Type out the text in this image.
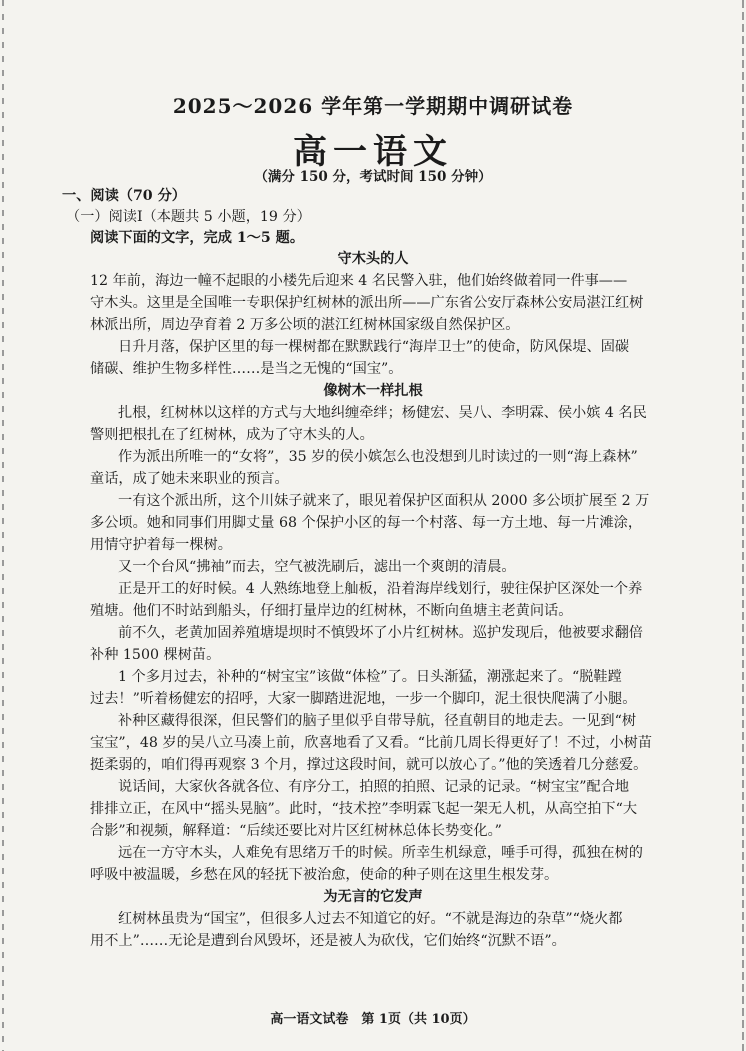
2025～2026 学年第一学期期中调研试卷
高一语文
（满分 150 分，考试时间 150 分钟）
一、阅读（70 分）
（一）阅读Ⅰ（本题共 5 小题，19 分）
阅读下面的文字，完成 1～5 题。
守木头的人
12 年前，海边一幢不起眼的小楼先后迎来 4 名民警入驻，他们始终做着同一件事——
守木头。这里是全国唯一专职保护红树林的派出所——广东省公安厅森林公安局湛江红树
林派出所，周边孕育着 2 万多公顷的湛江红树林国家级自然保护区。
日升月落，保护区里的每一棵树都在默默践行“海岸卫士”的使命，防风保堤、固碳
储碳、维护生物多样性……是当之无愧的“国宝”。
像树木一样扎根
扎根，红树林以这样的方式与大地纠缠牵绊；杨健宏、吴八、李明霖、侯小嫔 4 名民
警则把根扎在了红树林，成为了守木头的人。
作为派出所唯一的“女将”，35 岁的侯小嫔怎么也没想到儿时读过的一则“海上森林”
童话，成了她未来职业的预言。
一有这个派出所，这个川妹子就来了，眼见着保护区面积从 2000 多公顷扩展至 2 万
多公顷。她和同事们用脚丈量 68 个保护小区的每一个村落、每一方土地、每一片滩涂，
用情守护着每一棵树。
又一个台风“拂袖”而去，空气被洗刷后，滤出一个爽朗的清晨。
正是开工的好时候。4 人熟练地登上舢板，沿着海岸线划行，驶往保护区深处一个养
殖塘。他们不时站到船头，仔细打量岸边的红树林，不断向鱼塘主老黄问话。
前不久，老黄加固养殖塘堤坝时不慎毁坏了小片红树林。巡护发现后，他被要求翻倍
补种 1500 棵树苗。
1 个多月过去，补种的“树宝宝”该做“体检”了。日头渐猛，潮涨起来了。“脱鞋蹚
过去！”听着杨健宏的招呼，大家一脚踏进泥地，一步一个脚印，泥土很快爬满了小腿。
补种区藏得很深，但民警们的脑子里似乎自带导航，径直朝目的地走去。一见到“树
宝宝”，48 岁的吴八立马凑上前，欣喜地看了又看。“比前几周长得更好了！不过，小树苗
挺柔弱的，咱们得再观察 3 个月，撑过这段时间，就可以放心了。”他的笑透着几分慈爱。
说话间，大家伙各就各位、有序分工，拍照的拍照、记录的记录。“树宝宝”配合地
排排立正，在风中“摇头晃脑”。此时，“技术控”李明霖飞起一架无人机，从高空拍下“大
合影”和视频，解释道：“后续还要比对片区红树林总体长势变化。”
远在一方守木头，人难免有思绪万千的时候。所幸生机绿意，唾手可得，孤独在树的
呼吸中被温暖，乡愁在风的轻抚下被治愈，使命的种子则在这里生根发芽。
为无言的它发声
红树林虽贵为“国宝”，但很多人过去不知道它的好。“不就是海边的杂草”“烧火都
用不上”……无论是遭到台风毁坏，还是被人为砍伐，它们始终“沉默不语”。
高一语文试卷　第 1页（共 10页）
